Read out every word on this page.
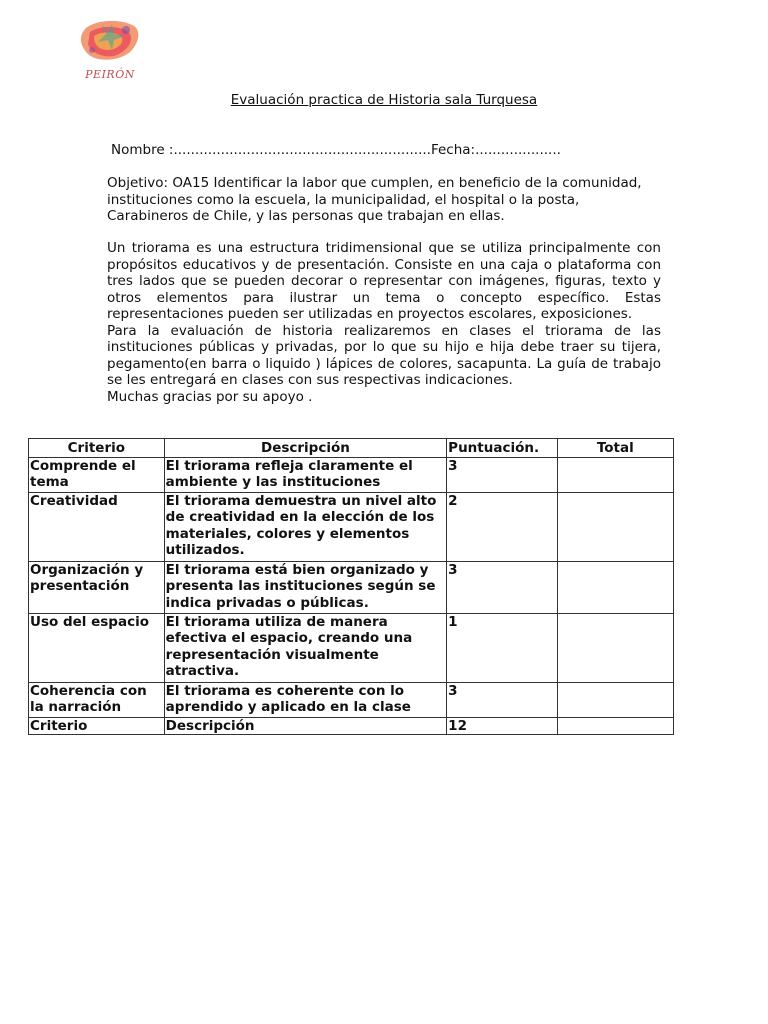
PEIRÓN
Evaluación practica de Historia sala Turquesa
Nombre :............................................................Fecha:....................
Objetivo: OA15 Identificar la labor que cumplen, en beneficio de la comunidad, instituciones como la escuela, la municipalidad, el hospital o la posta, Carabineros de Chile, y las personas que trabajan en ellas.

Un triorama es una estructura tridimensional que se utiliza principalmente con propósitos educativos y de presentación. Consiste en una caja o plataforma con tres lados que se pueden decorar o representar con imágenes, figuras, texto y otros elementos para ilustrar un tema o concepto específico. Estas representaciones pueden ser utilizadas en proyectos escolares, exposiciones.

Para la evaluación de historia realizaremos en clases el triorama de las instituciones públicas y privadas, por lo que su hijo e hija debe traer su tijera, pegamento(en barra o liquido ) lápices de colores, sacapunta. La guía de trabajo se les entregará en clases con sus respectivas indicaciones.

Muchas gracias por su apoyo .

Criterio	Descripción	Puntuación.	Total
Comprende el tema	El triorama refleja claramente el ambiente y las instituciones	3	
Creatividad	El triorama demuestra un nivel alto de creatividad en la elección de los materiales, colores y elementos utilizados.	2	
Organización y presentación	El triorama está bien organizado y presenta las instituciones según se indica privadas o públicas.	3	
Uso del espacio	El triorama utiliza de manera efectiva el espacio, creando una representación visualmente atractiva.	1	
Coherencia con la narración	El triorama es coherente con lo aprendido y aplicado en la clase	3	
Criterio	Descripción	12	
